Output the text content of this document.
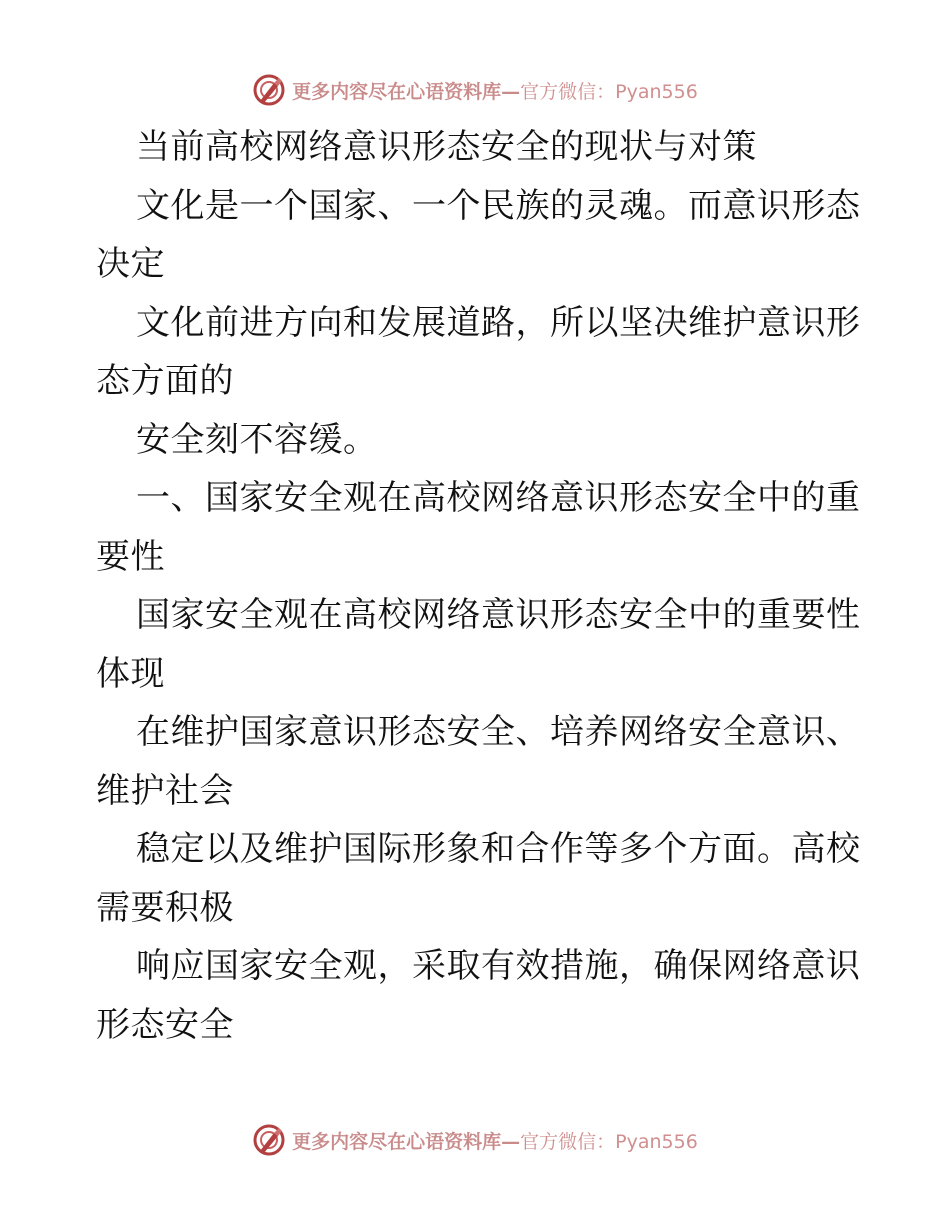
更多内容尽在心语资料库— 官方微信：Pyan556
当前高校网络意识形态安全的现状与对策
文化是一个国家、一个民族的灵魂。而意识形态
决定
文化前进方向和发展道路，所以坚决维护意识形
态方面的
安全刻不容缓。
一、国家安全观在高校网络意识形态安全中的重
要性
国家安全观在高校网络意识形态安全中的重要性
体现
在维护国家意识形态安全、培养网络安全意识、
维护社会
稳定以及维护国际形象和合作等多个方面。高校
需要积极
响应国家安全观，采取有效措施，确保网络意识
形态安全
更多内容尽在心语资料库— 官方微信：Pyan556
